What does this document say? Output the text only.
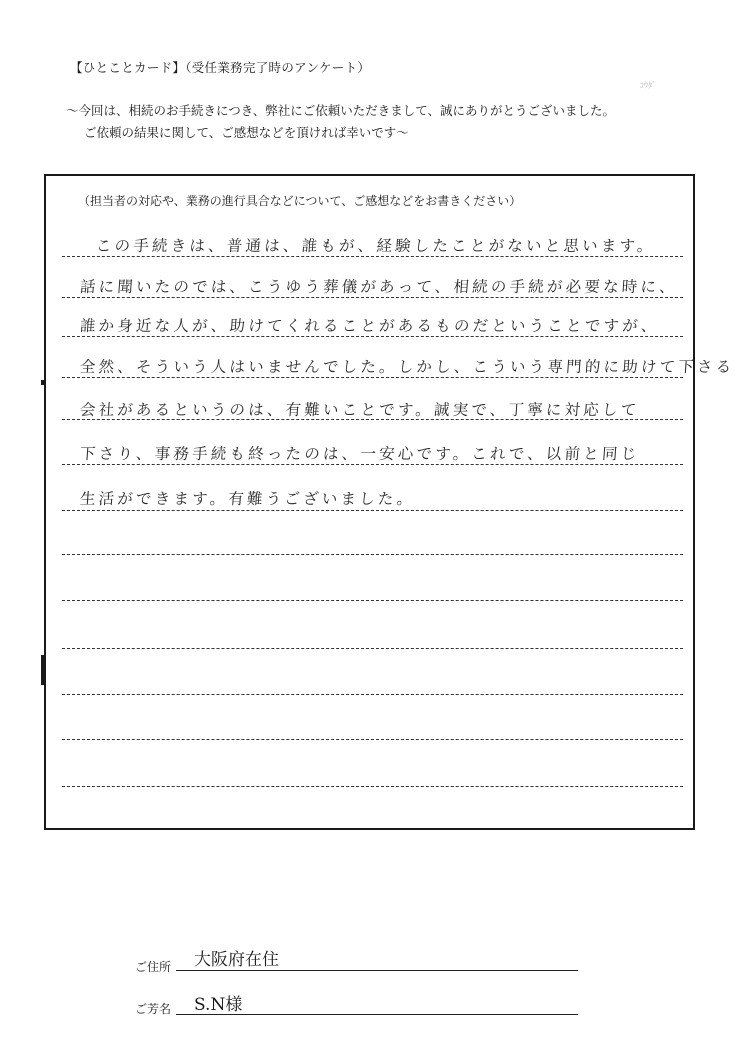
【ひとことカード】（受任業務完了時のアンケート）
ｺｳﾀﾞ
～今回は、相続のお手続きにつき、弊社にご依頼いただきまして、誠にありがとうございました。
ご依頼の結果に関して、ご感想などを頂ければ幸いです～
（担当者の対応や、業務の進行具合などについて、ご感想などをお書きください）
この手続きは、普通は、誰もが、経験したことがないと思います。
話に聞いたのでは、こうゆう葬儀があって、相続の手続が必要な時に、
誰か身近な人が、助けてくれることがあるものだということですが、
全然、そういう人はいませんでした。しかし、こういう専門的に助けて下さる
会社があるというのは、有難いことです。誠実で、丁寧に対応して
下さり、事務手続も終ったのは、一安心です。これで、以前と同じ
生活ができます。有難うございました。
ご住所 大阪府在住
ご芳名 S.N様
